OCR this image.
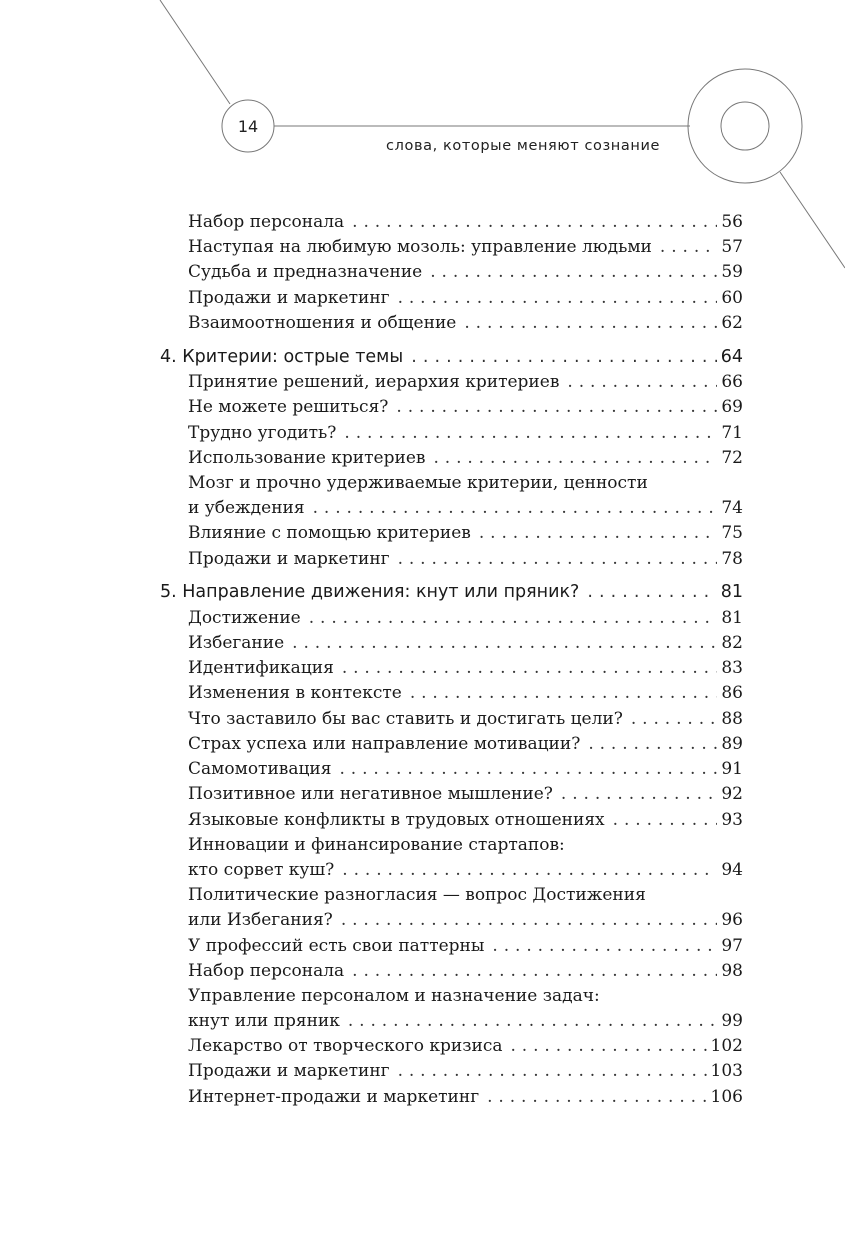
14
слова, которые меняют сознание
Набор персонала . . .	56
Наступая на любимую мозоль: управление людьми . . .	57
Судьба и предназначение . . .	59
Продажи и маркетинг . . .	60
Взаимоотношения и общение . . .	62
4. Критерии: острые темы . . .	64
Принятие решений, иерархия критериев . . .	66
Не можете решиться? . . .	69
Трудно угодить? . . .	71
Использование критериев . . .	72
Мозг и прочно удерживаемые критерии, ценности
и убеждения . . .	74
Влияние с помощью критериев . . .	75
Продажи и маркетинг . . .	78
5. Направление движения: кнут или пряник? . . .	81
Достижение . . .	81
Избегание . . .	82
Идентификация . . .	83
Изменения в контексте . . .	86
Что заставило бы вас ставить и достигать цели? . . .	88
Страх успеха или направление мотивации? . . .	89
Самомотивация . . .	91
Позитивное или негативное мышление? . . .	92
Языковые конфликты в трудовых отношениях . . .	93
Инновации и финансирование стартапов:
кто сорвет куш? . . .	94
Политические разногласия — вопрос Достижения
или Избегания? . . .	96
У профессий есть свои паттерны . . .	97
Набор персонала . . .	98
Управление персоналом и назначение задач:
кнут или пряник . . .	99
Лекарство от творческого кризиса . . .	102
Продажи и маркетинг . . .	103
Интернет-продажи и маркетинг . . .	106
